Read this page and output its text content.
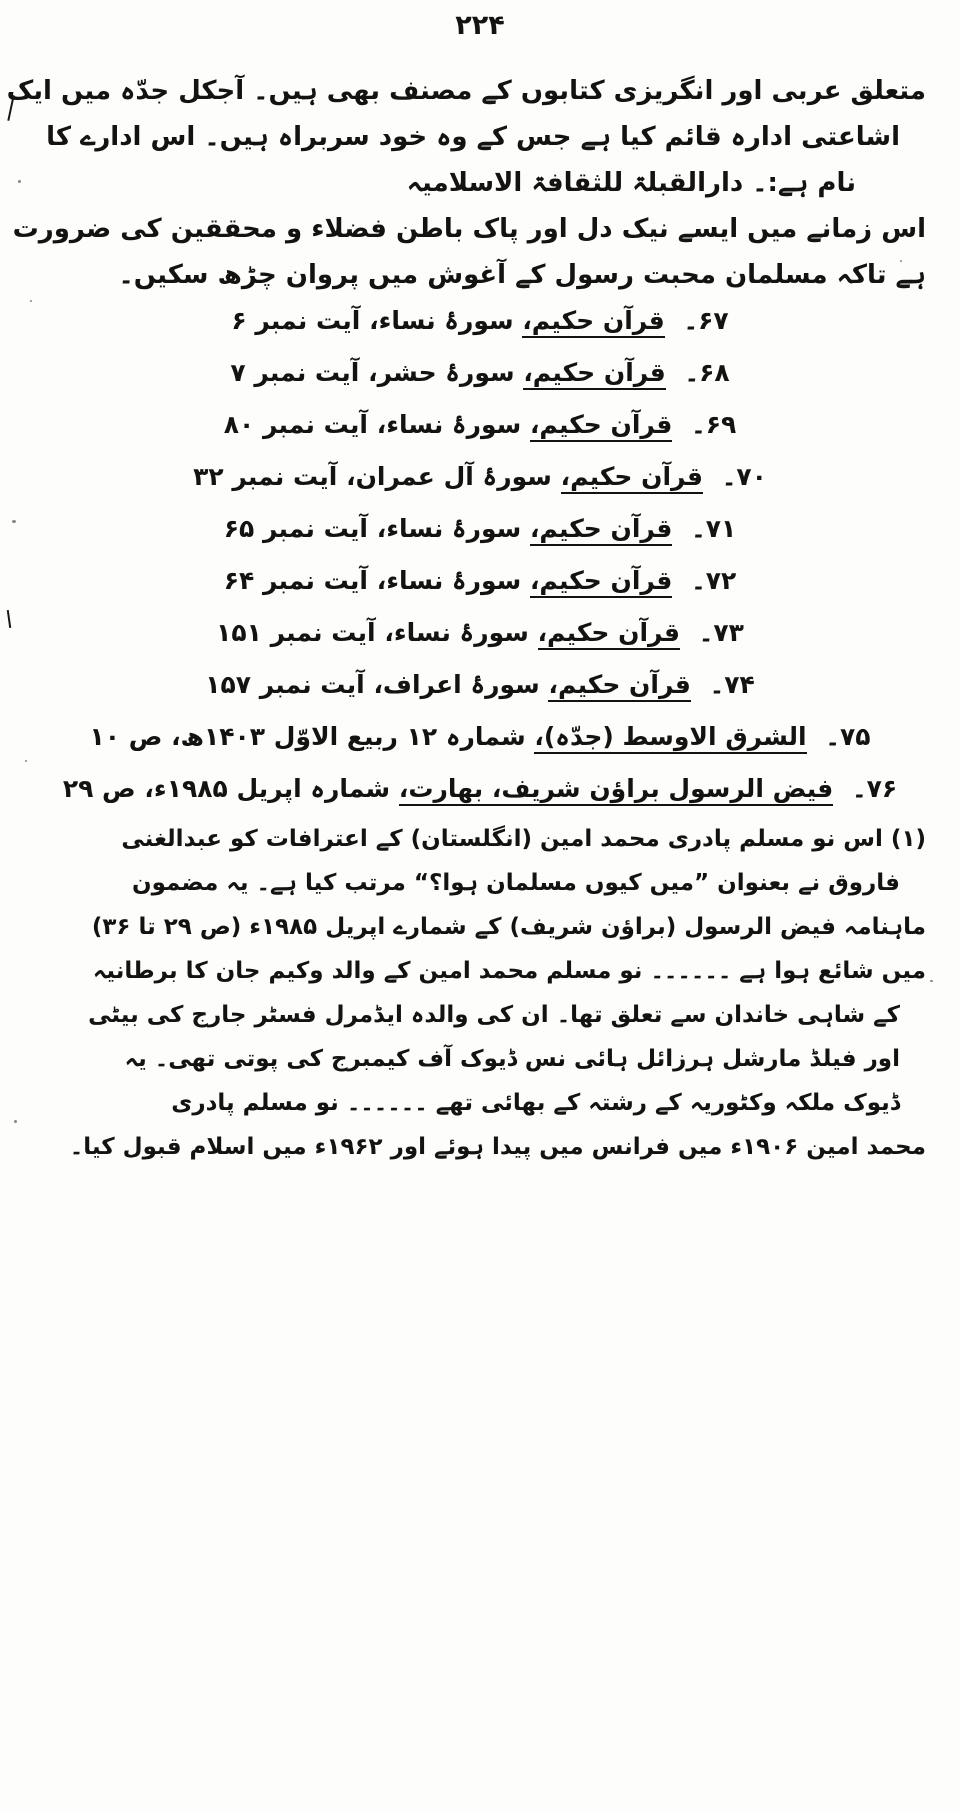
۲۲۴
متعلق عربی اور انگریزی کتابوں کے مصنف بھی ہیں۔ آجکل جدّہ میں ایک
اشاعتی ادارہ قائم کیا ہے جس کے وہ خود سربراہ ہیں۔ اس ادارے کا
نام ہے:۔ دارالقبلۃ للثقافۃ الاسلامیہ
اس زمانے میں ایسے نیک دل اور پاک باطن فضلاء و محققین کی ضرورت
ہے تاکہ مسلمان محبت رسول کے آغوش میں پروان چڑھ سکیں۔
۶۷۔ قرآن حکیم، سورۂ نساء، آیت نمبر ۶
۶۸۔ قرآن حکیم، سورۂ حشر، آیت نمبر ۷
۶۹۔ قرآن حکیم، سورۂ نساء، آیت نمبر ۸۰
۷۰۔ قرآن حکیم، سورۂ آل عمران، آیت نمبر ۳۲
۷۱۔ قرآن حکیم، سورۂ نساء، آیت نمبر ۶۵
۷۲۔ قرآن حکیم، سورۂ نساء، آیت نمبر ۶۴
۷۳۔ قرآن حکیم، سورۂ نساء، آیت نمبر ۱۵۱
۷۴۔ قرآن حکیم، سورۂ اعراف، آیت نمبر ۱۵۷
۷۵۔ الشرق الاوسط (جدّہ)، شمارہ ۱۲ ربیع الاوّل ۱۴۰۳ھ، ص ۱۰
۷۶۔ فیض الرسول براؤن شریف، بھارت، شمارہ اپریل ۱۹۸۵ء، ص ۲۹
(۱) اس نو مسلم پادری محمد امین (انگلستان) کے اعترافات کو عبدالغنی
فاروق نے بعنوان ”میں کیوں مسلمان ہوا؟“ مرتب کیا ہے۔ یہ مضمون
ماہنامہ فیض الرسول (براؤن شریف) کے شمارے اپریل ۱۹۸۵ء (ص ۲۹ تا ۳۶)
میں شائع ہوا ہے ۔۔۔۔۔۔ نو مسلم محمد امین کے والد وکیم جان کا برطانیہ
کے شاہی خاندان سے تعلق تھا۔ ان کی والدہ ایڈمرل فسٹر جارج کی بیٹی
اور فیلڈ مارشل ہرزائل ہائی نس ڈیوک آف کیمبرج کی پوتی تھی۔ یہ
ڈیوک ملکہ وکٹوریہ کے رشتہ کے بھائی تھے ۔۔۔۔۔۔ نو مسلم پادری
محمد امین ۱۹۰۶ء میں فرانس میں پیدا ہوئے اور ۱۹۶۲ء میں اسلام قبول کیا۔
